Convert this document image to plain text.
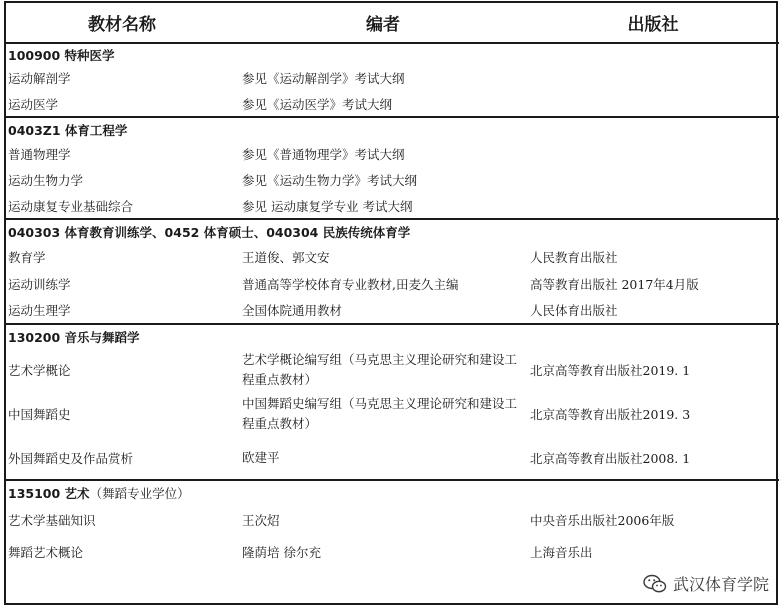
教材名称	编者	出版社
100900 特种医学		
运动解剖学	参见《运动解剖学》考试大纲	
运动医学	参见《运动医学》考试大纲	
0403Z1 体育工程学		
普通物理学	参见《普通物理学》考试大纲	
运动生物力学	参见《运动生物力学》考试大纲	
运动康复专业基础综合	参见 运动康复学专业 考试大纲	
040303 体育教育训练学、0452 体育硕士、040304 民族传统体育学		
教育学	王道俊、郭文安	人民教育出版社
运动训练学	普通高等学校体育专业教材,田麦久主编	高等教育出版社 2017年4月版
运动生理学	全国体院通用教材	人民体育出版社
130200 音乐与舞蹈学		
艺术学概论	艺术学概论编写组（马克思主义理论研究和建设工程重点教材）	北京高等教育出版社2019. 1
中国舞蹈史	中国舞蹈史编写组（马克思主义理论研究和建设工程重点教材）	北京高等教育出版社2019. 3
外国舞蹈史及作品赏析	欧建平	北京高等教育出版社2008. 1
135100 艺术（舞蹈专业学位）		
艺术学基础知识	王次炤	中央音乐出版社2006年版
舞蹈艺术概论	隆荫培 徐尔充	上海音乐出
武汉体育学院
